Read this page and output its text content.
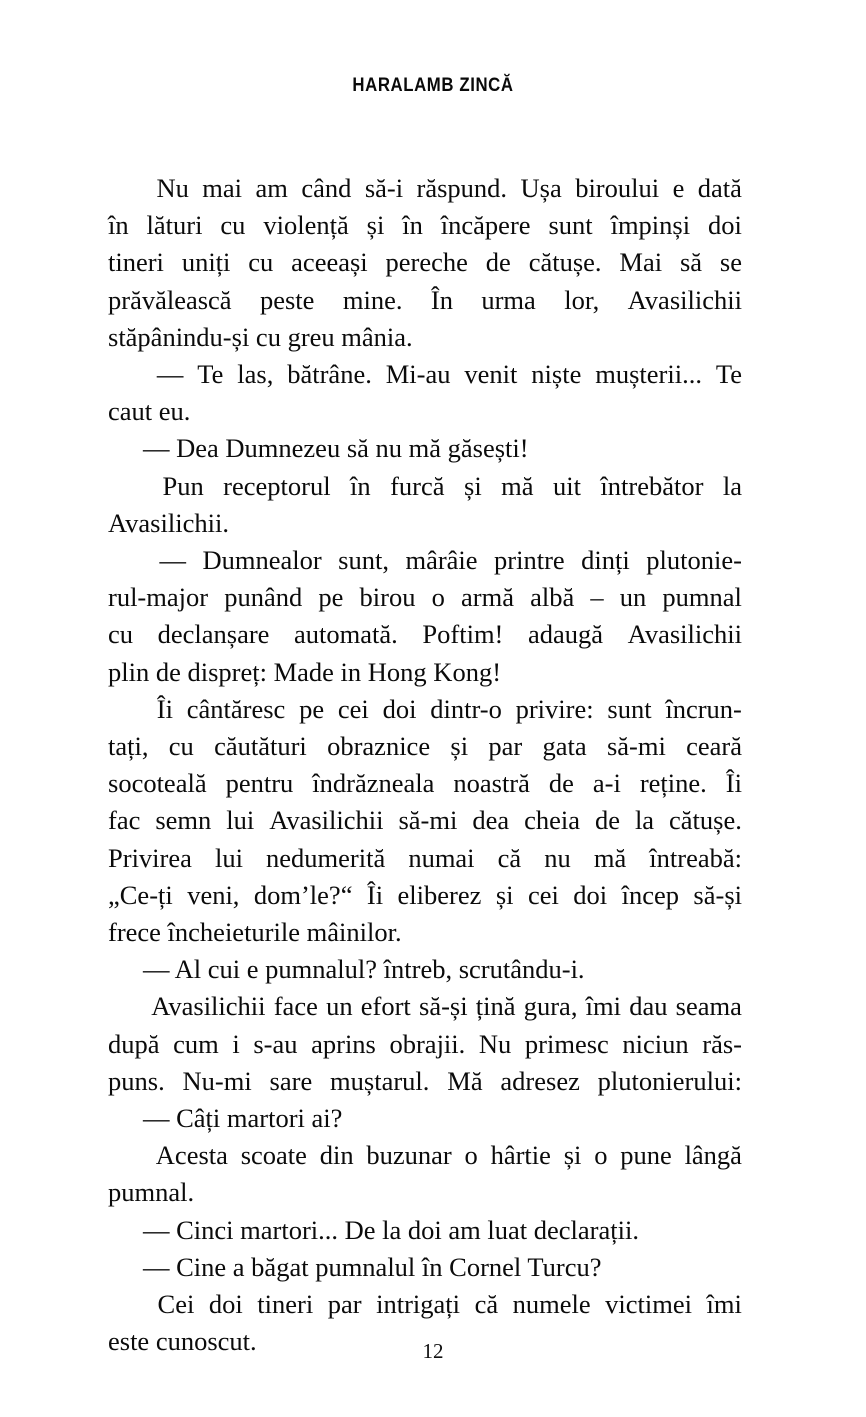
HARALAMB ZINCĂ

Nu mai am când să-i răspund. Ușa biroului e dată
în lături cu violență și în încăpere sunt împinși doi
tineri uniți cu aceeași pereche de cătușe. Mai să se
prăvălească peste mine. În urma lor, Avasilichii
stăpânindu-și cu greu mânia.

— Te las, bătrâne. Mi-au venit niște mușterii... Te
caut eu.

— Dea Dumnezeu să nu mă găsești!

Pun receptorul în furcă și mă uit întrebător la
Avasilichii.

— Dumnealor sunt, mârâie printre dinți plutonie-
rul-major punând pe birou o armă albă – un pumnal
cu declanșare automată. Poftim! adaugă Avasilichii
plin de dispreț: Made in Hong Kong!

Îi cântăresc pe cei doi dintr-o privire: sunt încrun-
tați, cu căutături obraznice și par gata să-mi ceară
socoteală pentru îndrăzneala noastră de a-i reține. Îi
fac semn lui Avasilichii să-mi dea cheia de la cătușe.
Privirea lui nedumerită numai că nu mă întreabă:
„Ce-ți veni, dom’le?“ Îi eliberez și cei doi încep să-și
frece încheieturile mâinilor.

— Al cui e pumnalul? întreb, scrutându-i.

Avasilichii face un efort să-și țină gura, îmi dau seama
după cum i s-au aprins obrajii. Nu primesc niciun răs-
puns. Nu-mi sare muștarul. Mă adresez plutonierului:

— Câți martori ai?

Acesta scoate din buzunar o hârtie și o pune lângă
pumnal.

— Cinci martori... De la doi am luat declarații.

— Cine a băgat pumnalul în Cornel Turcu?

Cei doi tineri par intrigați că numele victimei îmi
este cunoscut.	12
